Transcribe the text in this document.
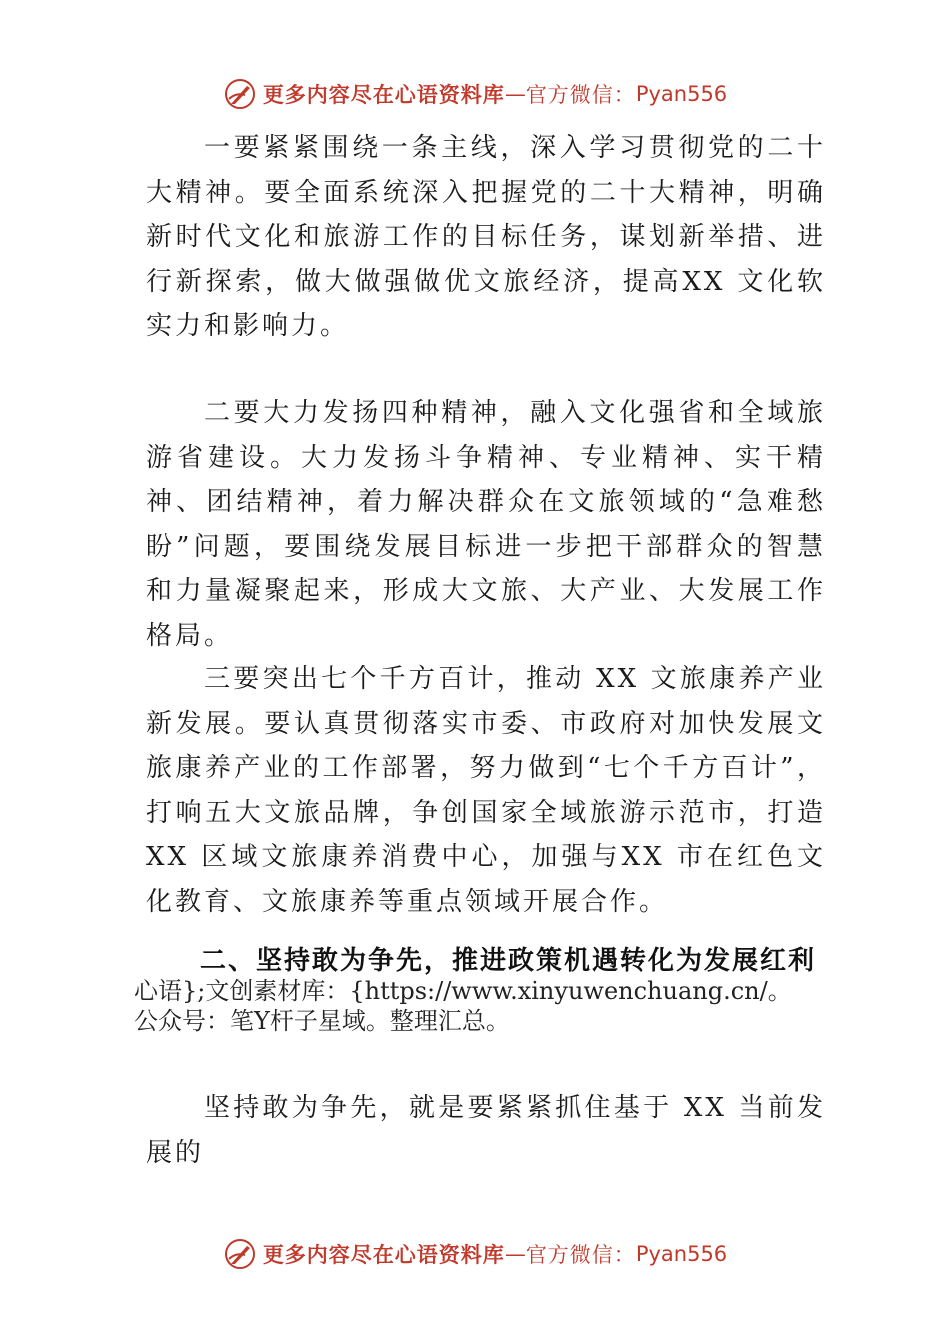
更多内容尽在心语资料库 — 官方微信： Pyan556

一要紧紧围绕一条主线，深入学习贯彻党的二十大精神。要全面系统深入把握党的二十大精神，明确新时代文化和旅游工作的目标任务，谋划新举措、进行新探索，做大做强做优文旅经济，提高XX 文化软实力和影响力。

二要大力发扬四种精神，融入文化强省和全域旅游省建设。大力发扬斗争精神、专业精神、实干精神、团结精神，着力解决群众在文旅领域的“急难愁盼”问题，要围绕发展目标进一步把干部群众的智慧和力量凝聚起来，形成大文旅、大产业、大发展工作格局。

三要突出七个千方百计，推动 XX 文旅康养产业新发展。要认真贯彻落实市委、市政府对加快发展文旅康养产业的工作部署，努力做到“七个千方百计”，打响五大文旅品牌，争创国家全域旅游示范市，打造XX 区域文旅康养消费中心，加强与XX 市在红色文化教育、文旅康养等重点领域开展合作。

二、坚持敢为争先，推进政策机遇转化为发展红利
心语};文创素材库：{https://www.xinyuwenchuang.cn/。
公众号：笔Y杆子星域。整理汇总。

坚持敢为争先，就是要紧紧抓住基于 XX 当前发展的

更多内容尽在心语资料库 — 官方微信： Pyan556
